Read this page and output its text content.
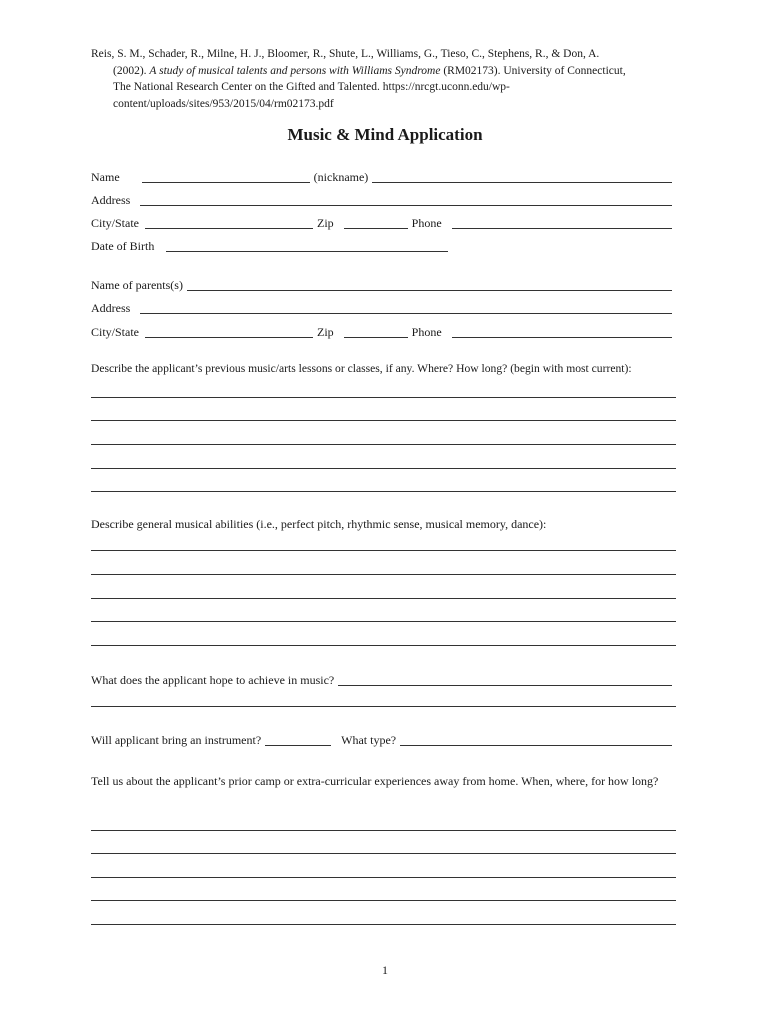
Reis, S. M., Schader, R., Milne, H. J., Bloomer, R., Shute, L., Williams, G., Tieso, C., Stephens, R., & Don, A.
(2002). A study of musical talents and persons with Williams Syndrome (RM02173). University of Connecticut,
The National Research Center on the Gifted and Talented. https://nrcgt.uconn.edu/wp-
content/uploads/sites/953/2015/04/rm02173.pdf
Music & Mind Application
Name	(nickname)
Address
City/State	Zip	Phone
Date of Birth
Name of parents(s)
Address
City/State	Zip	Phone
Describe the applicant’s previous music/arts lessons or classes, if any. Where? How long? (begin with most current):
Describe general musical abilities (i.e., perfect pitch, rhythmic sense, musical memory, dance):
What does the applicant hope to achieve in music?
Will applicant bring an instrument?	What type?
Tell us about the applicant’s prior camp or extra-curricular experiences away from home. When, where, for how long?
1
